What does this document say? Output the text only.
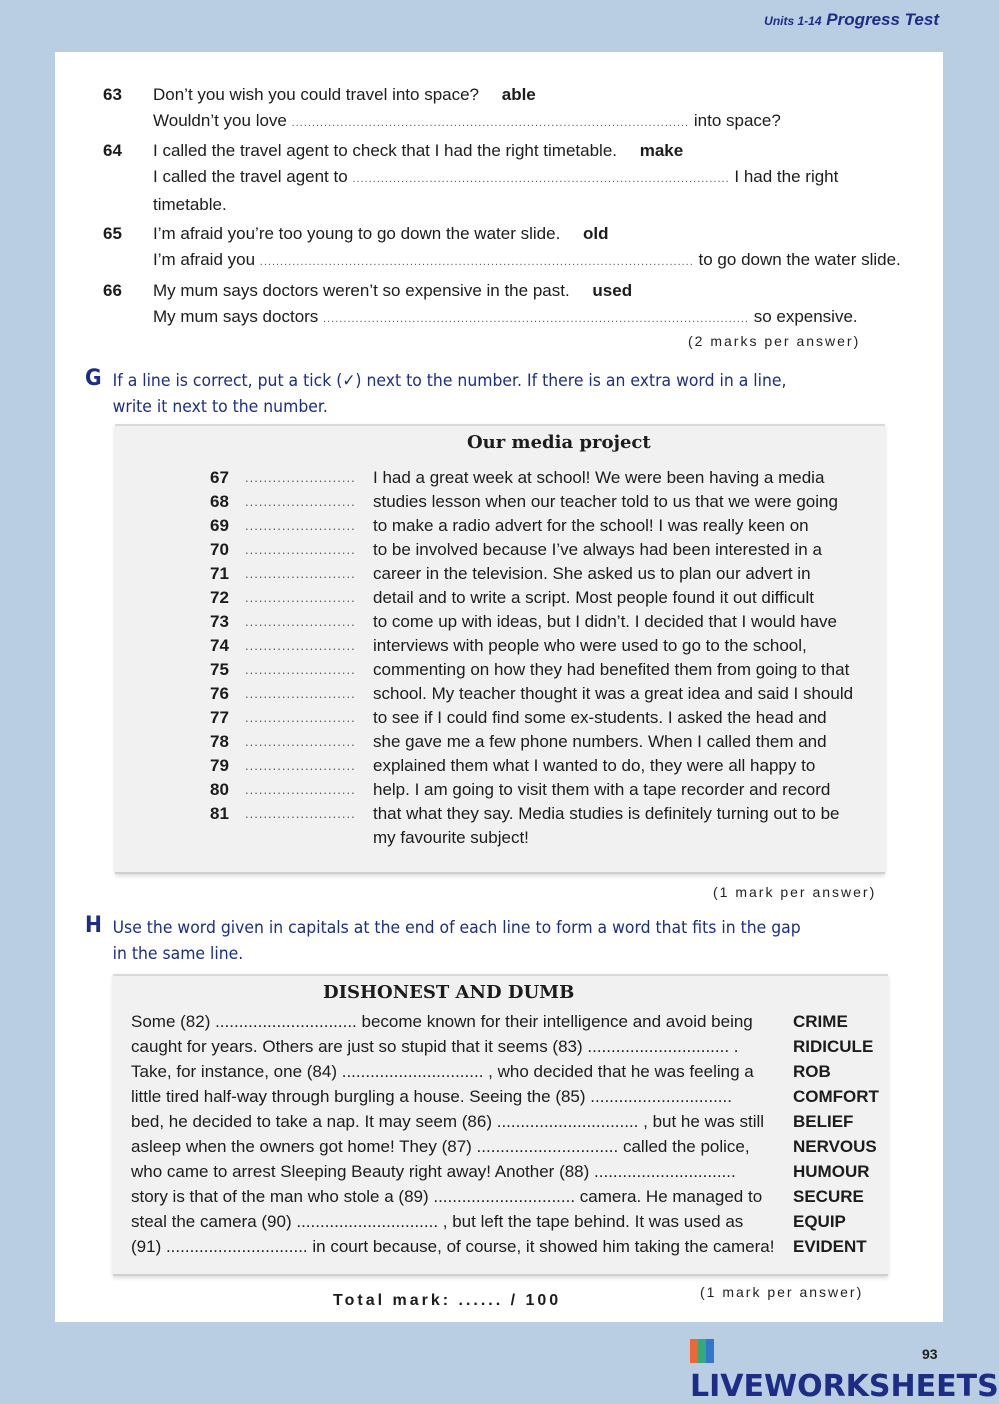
Units 1-14 Progress Test
63 Don’t you wish you could travel into space? able
Wouldn’t you love .................................................................................................. into space?
64 I called the travel agent to check that I had the right timetable. make
I called the travel agent to ............................................................................................. I had the right
timetable.
65 I’m afraid you’re too young to go down the water slide. old
I’m afraid you ........................................................................................................... to go down the water slide.
66 My mum says doctors weren’t so expensive in the past. used
My mum says doctors ......................................................................................................... so expensive.
(2 marks per answer)
G If a line is correct, put a tick (✓) next to the number. If there is an extra word in a line, write it next to the number.
Our media project
67 ........................ I had a great week at school! We were been having a media
68 ........................ studies lesson when our teacher told to us that we were going
69 ........................ to make a radio advert for the school! I was really keen on
70 ........................ to be involved because I’ve always had been interested in a
71 ........................ career in the television. She asked us to plan our advert in
72 ........................ detail and to write a script. Most people found it out difficult
73 ........................ to come up with ideas, but I didn’t. I decided that I would have
74 ........................ interviews with people who were used to go to the school,
75 ........................ commenting on how they had benefited them from going to that
76 ........................ school. My teacher thought it was a great idea and said I should
77 ........................ to see if I could find some ex-students. I asked the head and
78 ........................ she gave me a few phone numbers. When I called them and
79 ........................ explained them what I wanted to do, they were all happy to
80 ........................ help. I am going to visit them with a tape recorder and record
81 ........................ that what they say. Media studies is definitely turning out to be
my favourite subject!
(1 mark per answer)
H Use the word given in capitals at the end of each line to form a word that fits in the gap in the same line.
DISHONEST AND DUMB
Some (82) .............................. become known for their intelligence and avoid being CRIME
caught for years. Others are just so stupid that it seems (83) .............................. .	RIDICULE
Take, for instance, one (84) .............................. , who decided that he was feeling a ROB
little tired half-way through burgling a house. Seeing the (85) ..............................	COMFORT
bed, he decided to take a nap. It may seem (86) .............................. , but he was still BELIEF
asleep when the owners got home! They (87) .............................. called the police,	NERVOUS
who came to arrest Sleeping Beauty right away! Another (88) ..............................	HUMOUR
story is that of the man who stole a (89) .............................. camera. He managed to SECURE
steal the camera (90) .............................. , but left the tape behind. It was used as	EQUIP
(91) .............................. in court because, of course, it showed him taking the camera! EVIDENT
Total mark: ...... / 100	(1 mark per answer)
LIVEWORKSHEETS
93
